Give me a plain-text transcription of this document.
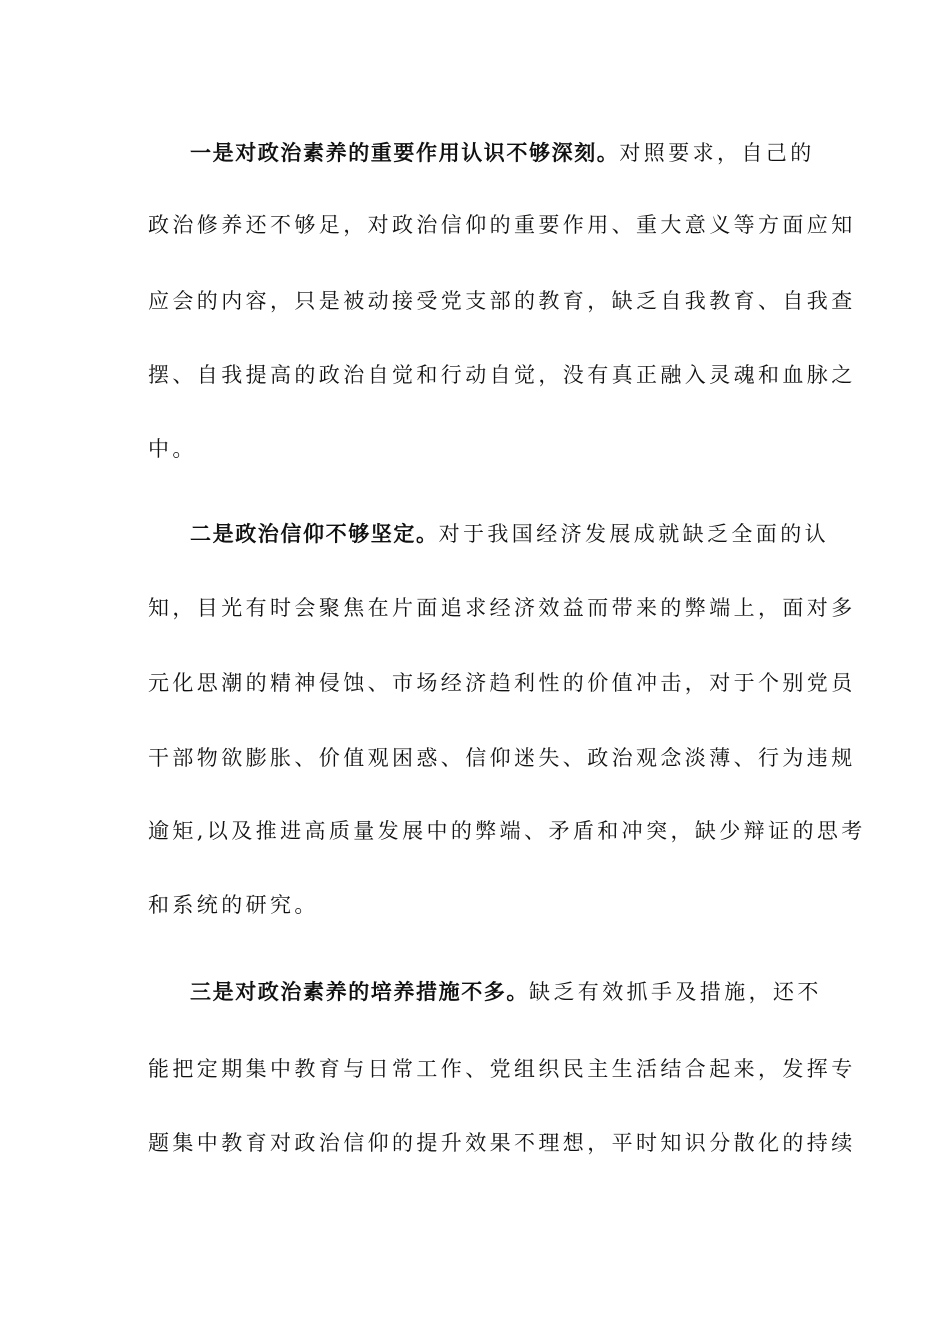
一是对政治素养的重要作用认识不够深刻。对照要求，自己的
政治修养还不够足，对政治信仰的重要作用、重大意义等方面应知
应会的内容，只是被动接受党支部的教育，缺乏自我教育、自我查
摆、自我提高的政治自觉和行动自觉，没有真正融入灵魂和血脉之
中。
二是政治信仰不够坚定。对于我国经济发展成就缺乏全面的认
知，目光有时会聚焦在片面追求经济效益而带来的弊端上，面对多
元化思潮的精神侵蚀、市场经济趋利性的价值冲击，对于个别党员
干部物欲膨胀、价值观困惑、信仰迷失、政治观念淡薄、行为违规
逾矩,以及推进高质量发展中的弊端、矛盾和冲突，缺少辩证的思考
和系统的研究。
三是对政治素养的培养措施不多。缺乏有效抓手及措施，还不
能把定期集中教育与日常工作、党组织民主生活结合起来，发挥专
题集中教育对政治信仰的提升效果不理想，平时知识分散化的持续
